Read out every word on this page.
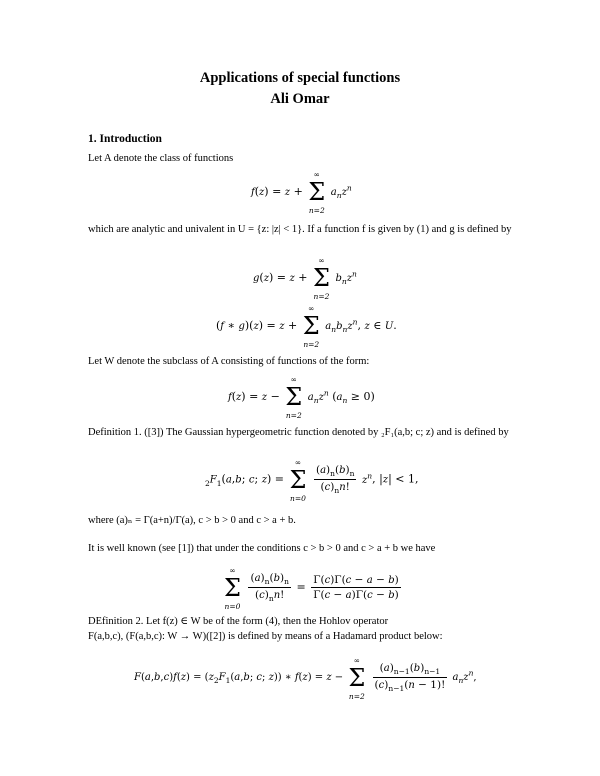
Applications of special functions
Ali Omar
1. Introduction
Let A denote the class of functions
f(z) = z + Σ
∞
n=2
$a_nz^n$
which are analytic and univalent in U = {z: |z| < 1}. If a function f is given by (1) and g is defined by
g(z) = z + Σ
∞
n=2
$b_nz^n$
(f ∗ g)(z) = z + Σ
∞
n=2
$a_nb_nz^n$, z ∈ U.
Let W denote the subclass of A consisting of functions of the form:
f(z) = z − Σ
∞
n=2
$a_nz^n$ $(a_n \ge 0)$
Definition 1. ([3]) The Gaussian hypergeometric function denoted by ₂F₁(a,b; c; z) and is defined by
$_2F_1(a,b$; c; z) = Σ
∞
n=0

$\frac{(a)_n(b)_n}{(c)_nn!} z^n$, |z| < 1,
where (a)ₙ = Γ(a+n)/Γ(a), c > b > 0 and c > a + b.
It is well known (see [1]) that under the conditions c > b > 0 and c > a + b we have
Σ
∞
n=0

$\frac{(a)_n(b)_n}{(c)_nn!} = \frac{\Gamma(c)\Gamma(c - a - b)}{\Gamma(c - a)\Gamma(c - b)}$
DEfinition 2. Let f(z) ∈ W be of the form (4), then the Hohlov operator
F(a,b,c), (F(a,b,c): W → W)([2]) is defined by means of a Hadamard product below:
$F(a,b,c)f(z) = (z_2F_1(a,b$; c; z)) ∗ f(z) = z − Σ
∞
n=2

$\frac{(a)_{n-1}(b)_{n-1}}{(c)_{n-1}(n - 1)!} a_nz^n$,
